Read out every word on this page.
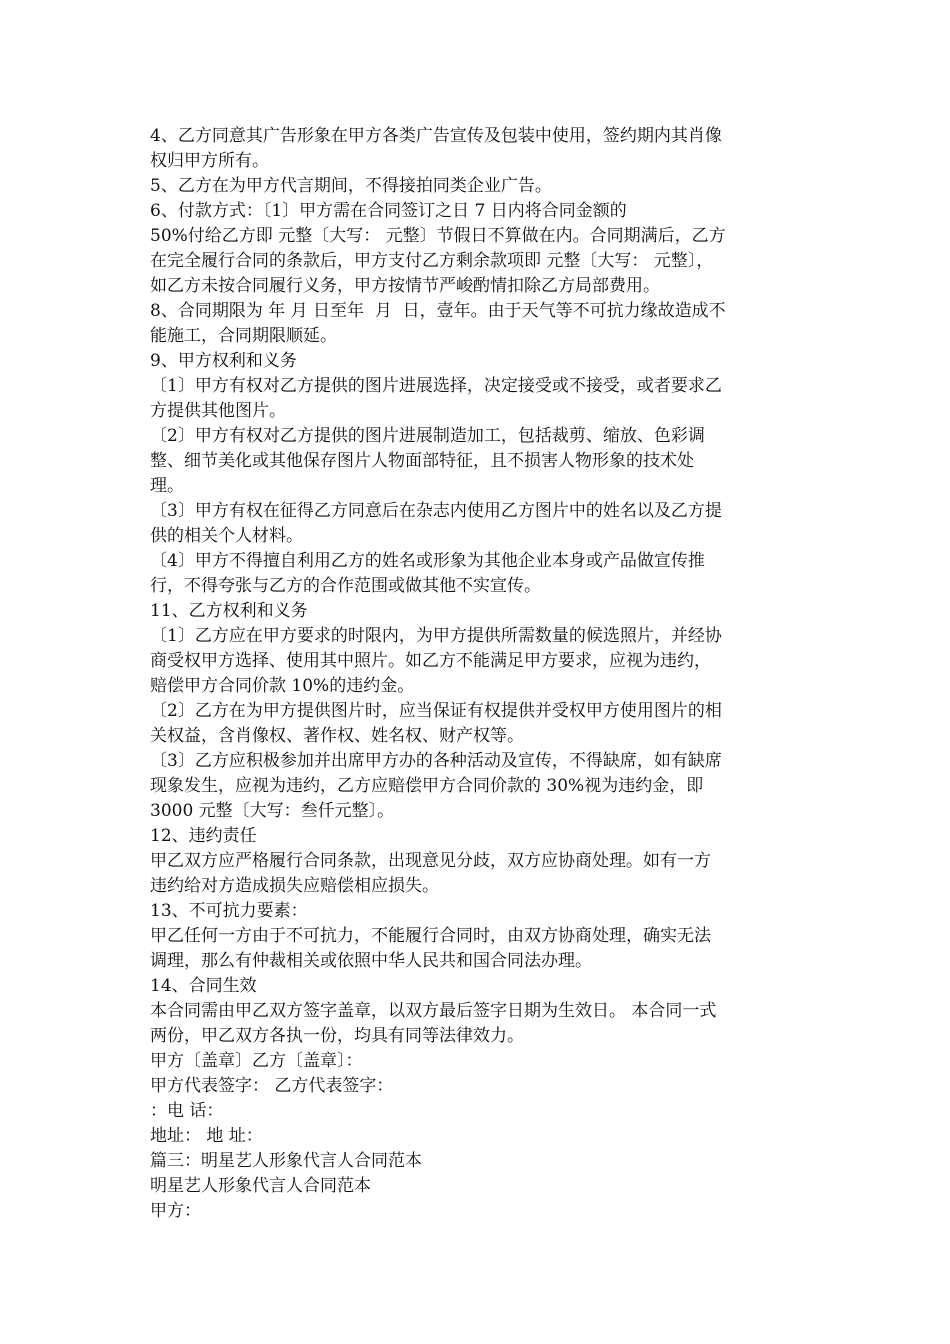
4、乙方同意其广告形象在甲方各类广告宣传及包装中使用，签约期内其肖像
权归甲方所有。
5、乙方在为甲方代言期间，不得接拍同类企业广告。
6、付款方式：〔1〕甲方需在合同签订之日 7 日内将合同金额的
50%付给乙方即 元整〔大写： 元整〕节假日不算做在内。合同期满后，乙方
在完全履行合同的条款后，甲方支付乙方剩余款项即 元整〔大写： 元整〕，
如乙方未按合同履行义务，甲方按情节严峻酌情扣除乙方局部费用。
8、合同期限为 年 月 日至年  月  日，壹年。由于天气等不可抗力缘故造成不
能施工，合同期限顺延。
9、甲方权利和义务
〔1〕甲方有权对乙方提供的图片进展选择，决定接受或不接受，或者要求乙
方提供其他图片。
〔2〕甲方有权对乙方提供的图片进展制造加工，包括裁剪、缩放、色彩调
整、细节美化或其他保存图片人物面部特征，且不损害人物形象的技术处
理。
〔3〕甲方有权在征得乙方同意后在杂志内使用乙方图片中的姓名以及乙方提
供的相关个人材料。
〔4〕甲方不得擅自利用乙方的姓名或形象为其他企业本身或产品做宣传推
行，不得夸张与乙方的合作范围或做其他不实宣传。
11、乙方权利和义务
〔1〕乙方应在甲方要求的时限内，为甲方提供所需数量的候选照片，并经协
商受权甲方选择、使用其中照片。如乙方不能满足甲方要求，应视为违约，
赔偿甲方合同价款 10%的违约金。
〔2〕乙方在为甲方提供图片时，应当保证有权提供并受权甲方使用图片的相
关权益，含肖像权、著作权、姓名权、财产权等。
〔3〕乙方应积极参加并出席甲方办的各种活动及宣传，不得缺席，如有缺席
现象发生，应视为违约，乙方应赔偿甲方合同价款的 30%视为违约金，即
3000 元整〔大写：叁仟元整〕。
12、违约责任
甲乙双方应严格履行合同条款，出现意见分歧，双方应协商处理。如有一方
违约给对方造成损失应赔偿相应损失。
13、不可抗力要素：
甲乙任何一方由于不可抗力，不能履行合同时，由双方协商处理，确实无法
调理，那么有仲裁相关或依照中华人民共和国合同法办理。
14、合同生效
本合同需由甲乙双方签字盖章，以双方最后签字日期为生效日。 本合同一式
两份，甲乙双方各执一份，均具有同等法律效力。
甲方〔盖章〕乙方〔盖章〕：
甲方代表签字： 乙方代表签字：
：电 话：
地址： 地 址：
篇三：明星艺人形象代言人合同范本
明星艺人形象代言人合同范本
甲方：
